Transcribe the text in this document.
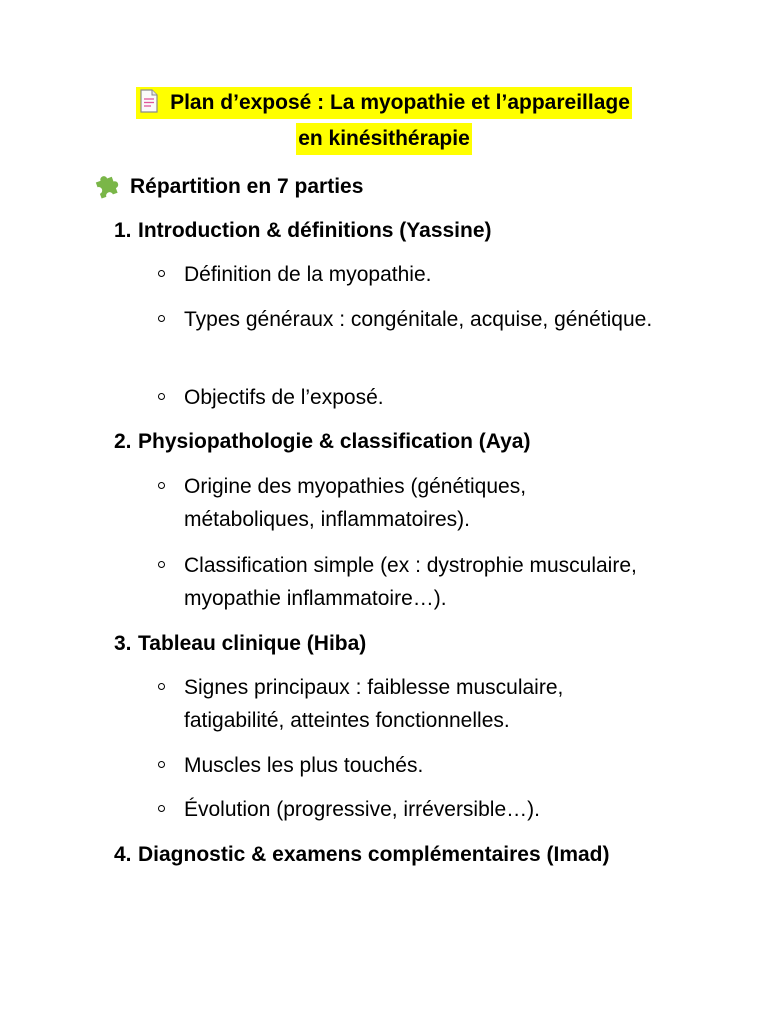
Plan d’exposé : La myopathie et l’appareillage
en kinésithérapie
Répartition en 7 parties
1. Introduction & définitions (Yassine)
Définition de la myopathie.
Types généraux : congénitale, acquise, génétique.
Objectifs de l’exposé.
2. Physiopathologie & classification (Aya)
Origine des myopathies (génétiques, métaboliques, inflammatoires).
Classification simple (ex : dystrophie musculaire, myopathie inflammatoire…).
3. Tableau clinique (Hiba)
Signes principaux : faiblesse musculaire, fatigabilité, atteintes fonctionnelles.
Muscles les plus touchés.
Évolution (progressive, irréversible…).
4. Diagnostic & examens complémentaires (Imad)
